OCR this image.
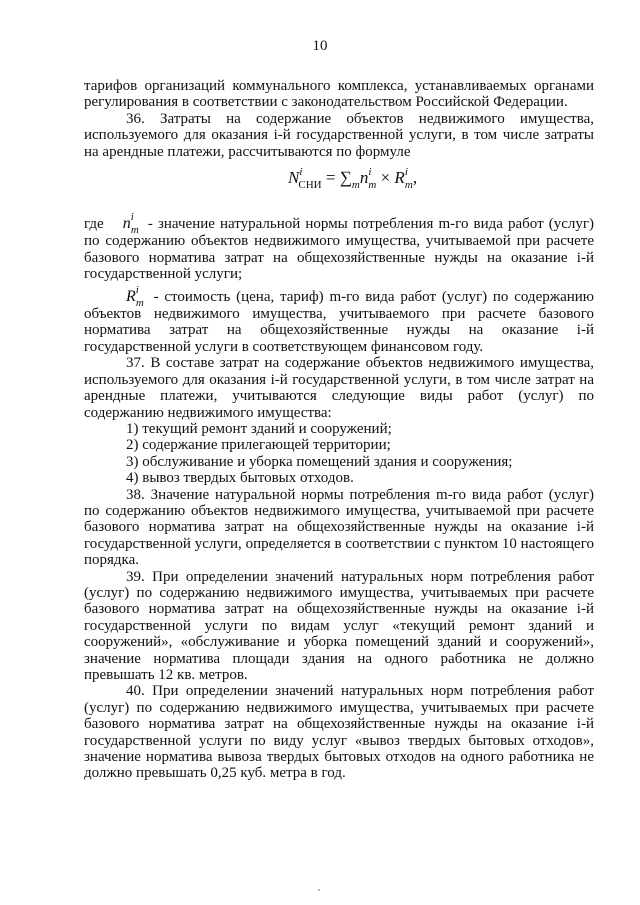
10

тарифов организаций коммунального комплекса, устанавливаемых органами регулирования в соответствии с законодательством Российской Федерации.

36. Затраты на содержание объектов недвижимого имущества, используемого для оказания i-й государственной услуги, в том числе затраты на арендные платежи, рассчитываются по формуле

$N^i_{СНИ} = \sum_mn^i_m \times R^i_m$,

где $n^i_m$ - значение натуральной нормы потребления m-го вида работ (услуг) по содержанию объектов недвижимого имущества, учитываемой при расчете базового норматива затрат на общехозяйственные нужды на оказание i-й государственной услуги;

$R^i_m$ - стоимость (цена, тариф) m-го вида работ (услуг) по содержанию объектов недвижимого имущества, учитываемого при расчете базового норматива затрат на общехозяйственные нужды на оказание i-й государственной услуги в соответствующем финансовом году.

37. В составе затрат на содержание объектов недвижимого имущества, используемого для оказания i-й государственной услуги, в том числе затрат на арендные платежи, учитываются следующие виды работ (услуг) по содержанию недвижимого имущества:

1) текущий ремонт зданий и сооружений;

2) содержание прилегающей территории;

3) обслуживание и уборка помещений здания и сооружения;

4) вывоз твердых бытовых отходов.

38. Значение натуральной нормы потребления m-го вида работ (услуг) по содержанию объектов недвижимого имущества, учитываемой при расчете базового норматива затрат на общехозяйственные нужды на оказание i-й государственной услуги, определяется в соответствии с пунктом 10 настоящего порядка.

39. При определении значений натуральных норм потребления работ (услуг) по содержанию недвижимого имущества, учитываемых при расчете базового норматива затрат на общехозяйственные нужды на оказание i-й государственной услуги по видам услуг «текущий ремонт зданий и сооружений», «обслуживание и уборка помещений зданий и сооружений», значение норматива площади здания на одного работника не должно превышать 12 кв. метров.

40. При определении значений натуральных норм потребления работ (услуг) по содержанию недвижимого имущества, учитываемых при расчете базового норматива затрат на общехозяйственные нужды на оказание i-й государственной услуги по виду услуг «вывоз твердых бытовых отходов», значение норматива вывоза твердых бытовых отходов на одного работника не должно превышать 0,25 куб. метра в год.
